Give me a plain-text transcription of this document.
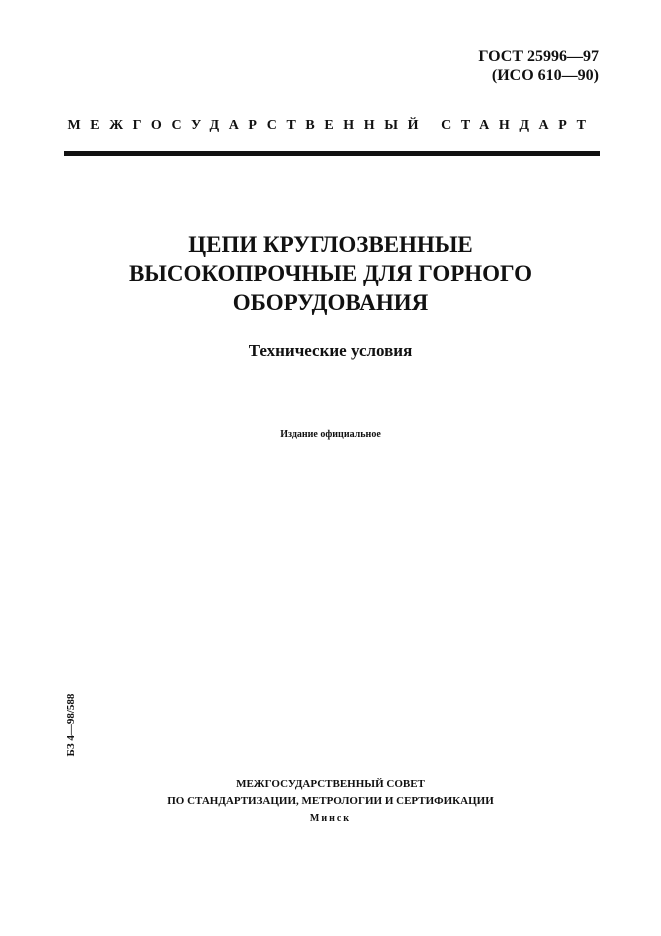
ГОСТ 25996—97
(ИСО 610—90)
МЕЖГОСУДАРСТВЕННЫЙ СТАНДАРТ
ЦЕПИ КРУГЛОЗВЕННЫЕ
ВЫСОКОПРОЧНЫЕ ДЛЯ ГОРНОГО
ОБОРУДОВАНИЯ
Технические условия
Издание официальное
БЗ 4—98/588
МЕЖГОСУДАРСТВЕННЫЙ СОВЕТ
ПО СТАНДАРТИЗАЦИИ, МЕТРОЛОГИИ И СЕРТИФИКАЦИИ
Минск
